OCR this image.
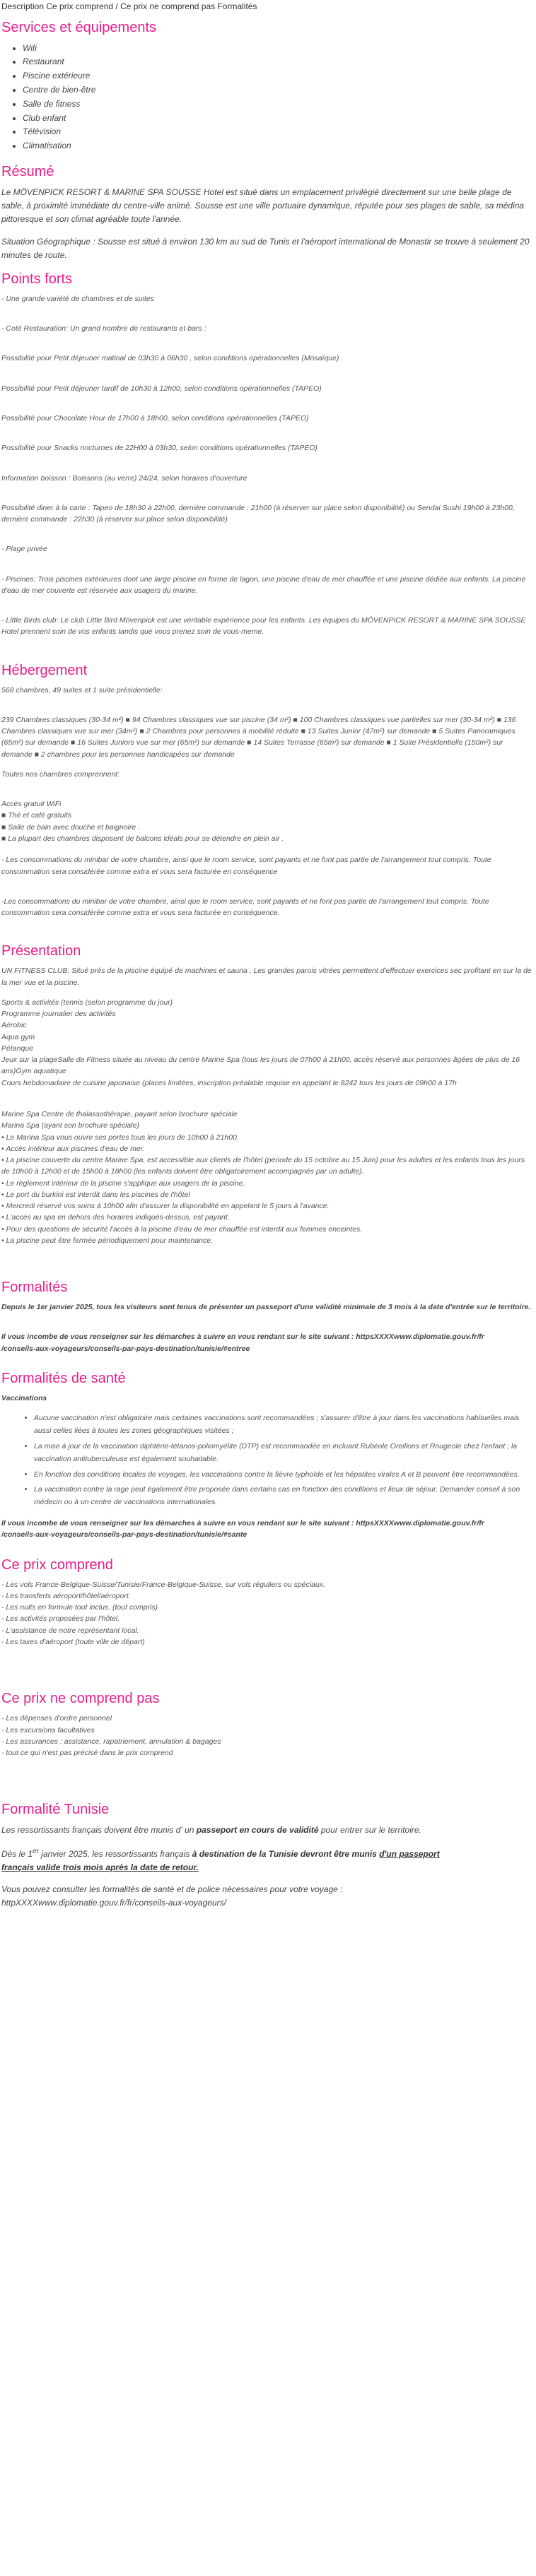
Description Ce prix comprend / Ce prix ne comprend pas Formalités
Services et équipements
• Wifi
• Restaurant
• Piscine extérieure
• Centre de bien-être
• Salle de fitness
• Club enfant
• Télévision
• Climatisation
Résumé

Le MÖVENPICK RESORT & MARINE SPA SOUSSE Hotel est situé dans un emplacement privilégié directement sur une belle plage de sable, à proximité immédiate du centre-ville animé. Sousse est une ville portuaire dynamique, réputée pour ses plages de sable, sa médina pittoresque et son climat agréable toute l'année.

Situation Géographique : Sousse est situé à environ 130 km au sud de Tunis et l'aéroport international de Monastir se trouve à seulement 20 minutes de route.

Points forts

- Une grande variété de chambres et de suites

- Coté Restauration: Un grand nombre de restaurants et bars :

Possibilité pour Petit déjeuner matinal de 03h30 à 06h30 , selon conditions opérationnelles (Mosaïque)

Possibilité pour Petit déjeuner tardif de 10h30 à 12h00, selon conditions opérationnelles (TAPEO)

Possibilité pour Chocolate Hour de 17h00 à 18h00, selon conditions opérationnelles (TAPEO)

Possibilité pour Snacks nocturnes de 22H00 à 03h30, selon conditions opérationnelles (TAPEO)

Information boisson : Boissons (au verre) 24/24, selon horaires d'ouverture

Possibilité diner à la carte : Tapeo de 18h30 à 22h00, dernière commande : 21h00 (à réserver sur place selon disponibilité) ou Sendai Sushi 19h00 à 23h00, dernière commande : 22h30 (à réserver sur place selon disponibilité)

- Plage privée

- Piscines: Trois piscines extérieures dont une large piscine en forme de lagon, une piscine d'eau de mer chauffée et une piscine dédiée aux enfants. La piscine d'eau de mer couverte est réservée aux usagers du marine.

- Little Birds club: Le club Little Bird Mövenpick est une véritable expérience pour les enfants. Les équipes du MÖVENPICK RESORT & MARINE SPA SOUSSE Hotel prennent soin de vos enfants tandis que vous prenez soin de vous-meme.

Hébergement

568 chambres, 49 suites et 1 suite présidentielle:

239 Chambres classiques (30-34 m²) ■ 94 Chambres classiques vue sur piscine (34 m²) ■ 100 Chambres classiques vue partielles sur mer (30-34 m²) ■ 136 Chambres classiques vue sur mer (34m²) ■ 2 Chambres pour personnes à mobilité réduite ■ 13 Suites Junior (47m²) sur demande ■ 5 Suites Panoramiques (65m²) sur demande ■ 16 Suites Juniors vue sur mer (65m²) sur demande ■ 14 Suites Terrasse (65m²) sur demande ■ 1 Suite Présidentielle (150m²) sur demande ■ 2 chambres pour les personnes handicapées sur demande

Toutes nos chambres comprennent:

Accès gratuit WiFi
■ Thé et café gratuits
■ Salle de bain avec douche et baignoire .
■ La plupart des chambres disposent de balcons idéals pour se détendre en plein air .

- Les consommations du minibar de votre chambre, ainsi que le room service, sont payants et ne font pas partie de l'arrangement tout compris. Toute consommation sera considérée comme extra et vous sera facturée en conséquence

-Les consommations du minibar de votre chambre, ainsi que le room service, sont payants et ne font pas partie de l'arrangement tout compris. Toute consommation sera considérée comme extra et vous sera facturée en conséquence.

Présentation

UN FITNESS CLUB: Situé près de la piscine équipé de machines et sauna . Les grandes parois vitrées permettent d'effectuer exercices sec profitant en sur la de la mer vue et la piscine.

Sports & activités (tennis (selon programme du jour)
Programme journalier des activités
Aérobic
Aqua gym
Pétanque
Jeux sur la plageSalle de Fitness située au niveau du centre Marine Spa (tous les jours de 07h00 à 21h00, accès réservé aux personnes âgées de plus de 16 ans)Gym aquatique
Cours hebdomadaire de cuisine japonaise (places limitées, inscription préalable requise en appelant le 8242 tous les jours de 09h00 à 17h
Marine Spa Centre de thalassothérapie, payant selon brochure spéciale
Marina Spa (ayant son brochure spéciale)
• Le Marina Spa vous ouvre ses portes tous les jours de 10h00 à 21h00.
• Accès intérieur aux piscines d'eau de mer.
• La piscine couverte du centre Marine Spa, est accessible aux clients de l'hôtel (période du 15 octobre au 15 Juin) pour les adultes et les enfants tous les jours de 10h00 à 12h00 et de 15h00 à 18h00 (les enfants doivent être obligatoirement accompagnés par un adulte).
• Le règlement intérieur de la piscine s'applique aux usagers de la piscine.
• Le port du burkini est interdit dans les piscines de l'hôtel
• Mercredi réservé vos soins à 10h00 afin d'assurer la disponibilité en appelant le 5 jours à l'avance.
• L'accès au spa en dehors des horaires indiqués-dessus, est payant.
• Pour des questions de sécurité l'accès à la piscine d'eau de mer chauffée est interdit aux femmes enceintes.
• La piscine peut être fermée périodiquement pour maintenance.
Formalités

Depuis le 1er janvier 2025, tous les visiteurs sont tenus de présenter un passeport d'une validité minimale de 3 mois à la date d'entrée sur le territoire.

Il vous incombe de vous renseigner sur les démarches à suivre en vous rendant sur le site suivant : httpsXXXXwww.diplomatie.gouv.fr/fr
/conseils-aux-voyageurs/conseils-par-pays-destination/tunisie/#entree
Formalités de santé
Vaccinations
• Aucune vaccination n'est obligatoire mais certaines vaccinations sont recommandées ; s'assurer d'être à jour dans les vaccinations habituelles mais aussi celles liées à toutes les zones géographiques visitées ;
• La mise à jour de la vaccination diphtérie-tétanos-poliomyélite (DTP) est recommandée en incluant Rubéole Oreillons et Rougeole chez l'enfant ; la vaccination antituberculeuse est également souhaitable.
• En fonction des conditions locales de voyages, les vaccinations contre la fièvre typhoïde et les hépatites virales A et B peuvent être recommandées.
• La vaccination contre la rage peut également être proposée dans certains cas en fonction des conditions et lieux de séjour. Demander conseil à son médecin ou à un centre de vaccinations internationales.
Il vous incombe de vous renseigner sur les démarches à suivre en vous rendant sur le site suivant : httpsXXXXwww.diplomatie.gouv.fr/fr
/conseils-aux-voyageurs/conseils-par-pays-destination/tunisie/#sante
Ce prix comprend
- Les vols France-Belgique-Suisse/Tunisie/France-Belgique-Suisse, sur vols réguliers ou spéciaux.
- Les transferts aéroport/hôtel/aéroport.
- Les nuits en formule tout inclus. (tout compris)
- Les activités proposées par l'hôtel.
- L'assistance de notre représentant local.
- Les taxes d'aéroport (toute ville de départ)
Ce prix ne comprend pas
- Les dépenses d'ordre personnel
- Les excursions facultatives
- Les assurances : assistance, rapatriement, annulation & bagages
- tout ce qui n'est pas précisé dans le prix comprend
Formalité Tunisie

Les ressortissants français doivent être munis d' un passeport en cours de validité pour entrer sur le territoire.

Dès le 1er janvier 2025, les ressortissants français à destination de la Tunisie devront être munis d'un passeport
français valide trois mois après la date de retour.

Vous pouvez consulter les formalités de santé et de police nécessaires pour votre voyage :
httpXXXXwww.diplomatie.gouv.fr/fr/conseils-aux-voyageurs/
